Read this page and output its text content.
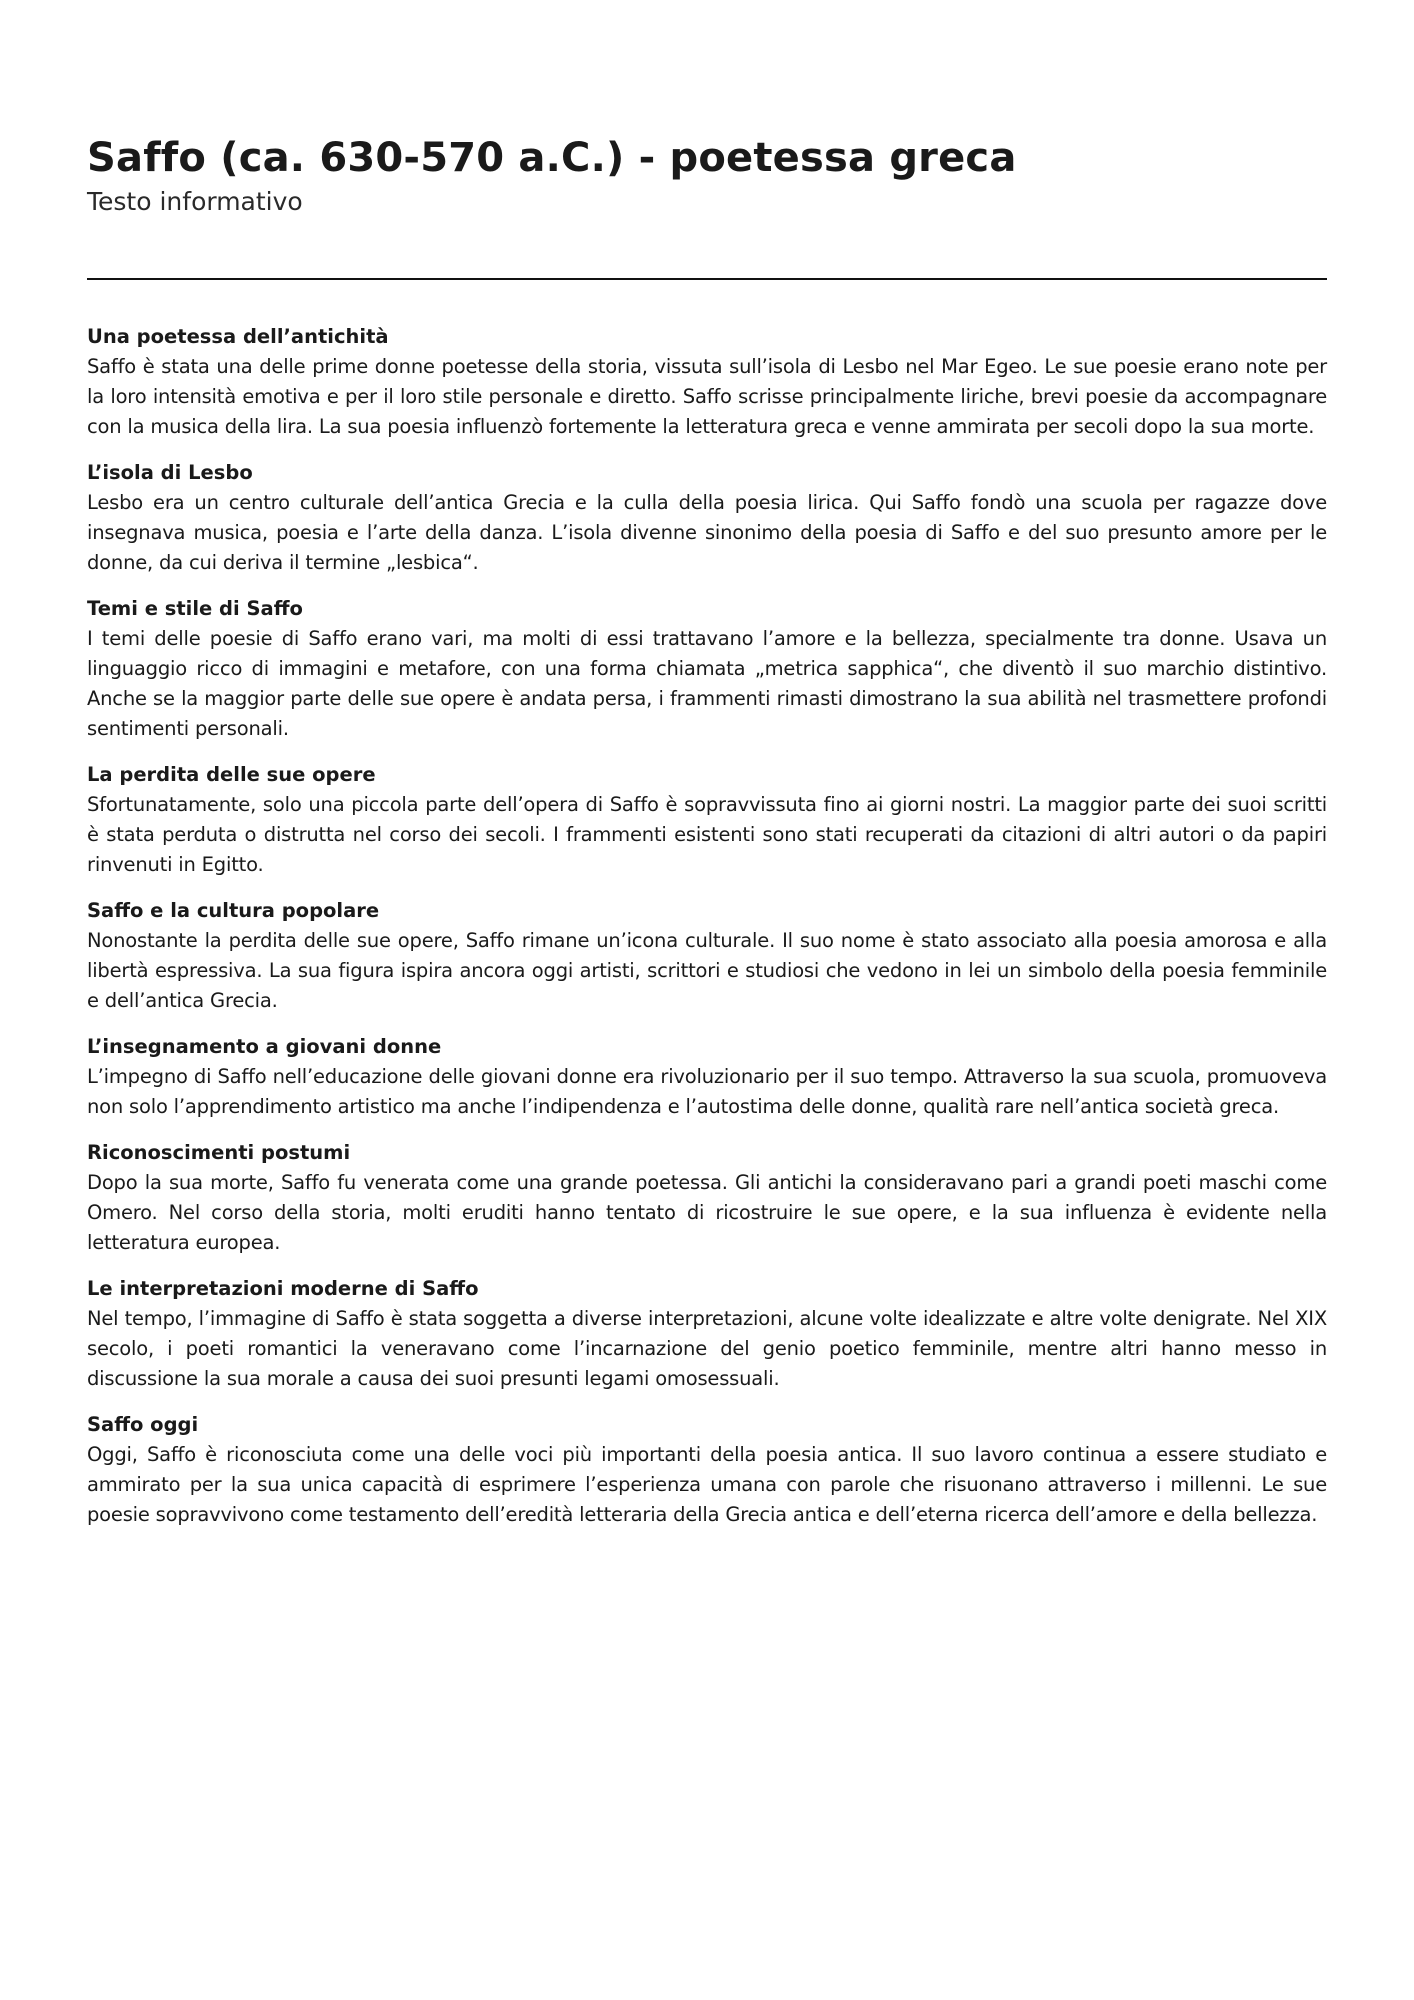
Saffo (ca. 630-570 a.C.) - poetessa greca

Testo informativo

Una poetessa dell’antichità

Saffo è stata una delle prime donne poetesse della storia, vissuta sull’isola di Lesbo nel Mar Egeo. Le sue poesie erano note per la loro intensità emotiva e per il loro stile personale e diretto. Saffo scrisse principalmente liriche, brevi poesie da accompagnare con la musica della lira. La sua poesia influenzò fortemente la letteratura greca e venne ammirata per secoli dopo la sua morte.

L’isola di Lesbo

Lesbo era un centro culturale dell’antica Grecia e la culla della poesia lirica. Qui Saffo fondò una scuola per ragazze dove insegnava musica, poesia e l’arte della danza. L’isola divenne sinonimo della poesia di Saffo e del suo presunto amore per le donne, da cui deriva il termine „lesbica“.

Temi e stile di Saffo

I temi delle poesie di Saffo erano vari, ma molti di essi trattavano l’amore e la bellezza, specialmente tra donne. Usava un linguaggio ricco di immagini e metafore, con una forma chiamata „metrica sapphica“, che diventò il suo marchio distintivo. Anche se la maggior parte delle sue opere è andata persa, i frammenti rimasti dimostrano la sua abilità nel trasmettere profondi sentimenti personali.

La perdita delle sue opere

Sfortunatamente, solo una piccola parte dell’opera di Saffo è sopravvissuta fino ai giorni nostri. La maggior parte dei suoi scritti è stata perduta o distrutta nel corso dei secoli. I frammenti esistenti sono stati recuperati da citazioni di altri autori o da papiri rinvenuti in Egitto.

Saffo e la cultura popolare

Nonostante la perdita delle sue opere, Saffo rimane un’icona culturale. Il suo nome è stato associato alla poesia amorosa e alla libertà espressiva. La sua figura ispira ancora oggi artisti, scrittori e studiosi che vedono in lei un simbolo della poesia femminile e dell’antica Grecia.

L’insegnamento a giovani donne

L’impegno di Saffo nell’educazione delle giovani donne era rivoluzionario per il suo tempo. Attraverso la sua scuola, promuoveva non solo l’apprendimento artistico ma anche l’indipendenza e l’autostima delle donne, qualità rare nell’antica società greca.

Riconoscimenti postumi

Dopo la sua morte, Saffo fu venerata come una grande poetessa. Gli antichi la consideravano pari a grandi poeti maschi come Omero. Nel corso della storia, molti eruditi hanno tentato di ricostruire le sue opere, e la sua influenza è evidente nella letteratura europea.

Le interpretazioni moderne di Saffo

Nel tempo, l’immagine di Saffo è stata soggetta a diverse interpretazioni, alcune volte idealizzate e altre volte denigrate. Nel XIX secolo, i poeti romantici la veneravano come l’incarnazione del genio poetico femminile, mentre altri hanno messo in discussione la sua morale a causa dei suoi presunti legami omosessuali.

Saffo oggi

Oggi, Saffo è riconosciuta come una delle voci più importanti della poesia antica. Il suo lavoro continua a essere studiato e ammirato per la sua unica capacità di esprimere l’esperienza umana con parole che risuonano attraverso i millenni. Le sue poesie sopravvivono come testamento dell’eredità letteraria della Grecia antica e dell’eterna ricerca dell’amore e della bellezza.
